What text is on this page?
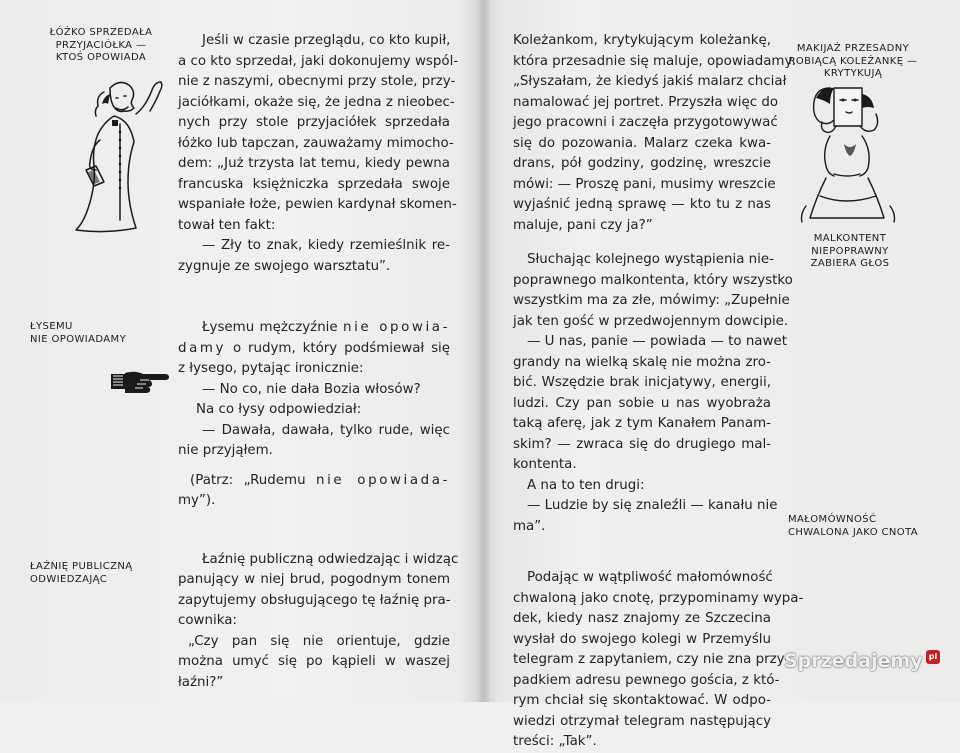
ŁÓŻKO SPRZEDAŁA
PRZYJACIÓŁKA —
KTOŚ OPOWIADA
ŁYSEMU
NIE OPOWIADAMY
ŁAŹNIĘ PUBLICZNĄ
ODWIEDZAJĄC

Jeśli w czasie przeglądu, co kto kupił,
a co kto sprzedał, jaki dokonujemy wspól-
nie z naszymi, obecnymi przy stole, przy-
jaciółkami, okaże się, że jedna z nieobec-
nych przy stole przyjaciółek sprzedała
łóżko lub tapczan, zauważamy mimocho-
dem: „Już trzysta lat temu, kiedy pewna
francuska księżniczka sprzedała swoje
wspaniałe łoże, pewien kardynał skomen-
tował ten fakt:

— Zły to znak, kiedy rzemieślnik re-
zygnuje ze swojego warsztatu”.

Łysemu mężczyźnie nie opowia-
damy o rudym, który podśmiewał się
z łysego, pytając ironicznie:

— No co, nie dała Bozia włosów?

Na co łysy odpowiedział:

— Dawała, dawała, tylko rude, więc
nie przyjąłem.

(Patrz: „Rudemu nie opowiada-
my”).

Łaźnię publiczną odwiedzając i widząc
panujący w niej brud, pogodnym tonem
zapytujemy obsługującego tę łaźnię pra-
cownika:

„Czy pan się nie orientuje, gdzie
można umyć się po kąpieli w waszej
łaźni?”

Koleżankom, krytykującym koleżankę,
która przesadnie się maluje, opowiadamy:
„Słyszałam, że kiedyś jakiś malarz chciał
namalować jej portret. Przyszła więc do
jego pracowni i zaczęła przygotowywać
się do pozowania. Malarz czeka kwa-
drans, pół godziny, godzinę, wreszcie
mówi: — Proszę pani, musimy wreszcie
wyjaśnić jedną sprawę — kto tu z nas
maluje, pani czy ja?”

Słuchając kolejnego wystąpienia nie-
poprawnego malkontenta, który wszystko
wszystkim ma za złe, mówimy: „Zupełnie
jak ten gość w przedwojennym dowcipie.

— U nas, panie — powiada — to nawet
grandy na wielką skalę nie można zro-
bić. Wszędzie brak inicjatywy, energii,
ludzi. Czy pan sobie u nas wyobraża
taką aferę, jak z tym Kanałem Panam-
skim? — zwraca się do drugiego mal-
kontenta.

A na to ten drugi:

— Ludzie by się znaleźli — kanału nie
ma”.

Podając w wątpliwość małomówność
chwaloną jako cnotę, przypominamy wypa-
dek, kiedy nasz znajomy ze Szczecina
wysłał do swojego kolegi w Przemyślu
telegram z zapytaniem, czy nie zna przy-
padkiem adresu pewnego gościa, z któ-
rym chciał się skontaktować. W odpo-
wiedzi otrzymał telegram następujący
treści: „Tak”.

MAKIJAŻ PRZESADNY
ROBIĄCĄ KOLEŻANKĘ —
KRYTYKUJĄ
MALKONTENT
NIEPOPRAWNY
ZABIERA GŁOS
MAŁOMÓWNOŚĆ
CHWALONA JAKO CNOTA
Sprzedajemy pl
